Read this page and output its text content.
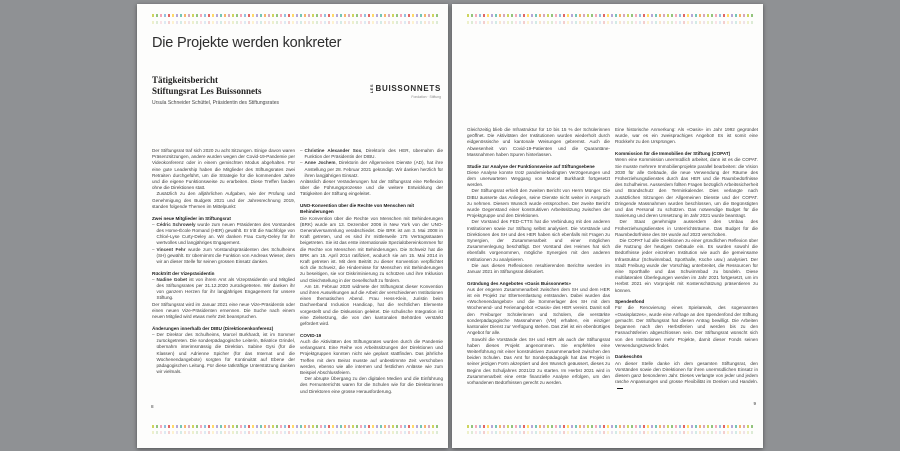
Die Projekte werden konkreter
Tätigkeitsbericht
Stiftungsrat Les Buissonnets
Ursula Schneider Schüttel, Präsidentin des Stiftungsrates
LES BUISSONNETS
Fondation · Stiftung
Der Stiftungsrat traf sich 2020 zu acht Sitzungen. Einige davon waren Präsenzsitzungen, andere wurden wegen der Covid-19-Pandemie per Videokonferenz oder in einem gemischten Modus abgehalten. Für eine gute Leadership haben die Mitglieder des Stiftungsrates zwei Retraiten durchgeführt, um die Strategie für die kommenden Jahre und die eigene Funktionsweise zu erarbeiten. Diese Treffen fanden ohne die Direktionen statt.
Zusätzlich zu den alljährlichen Aufgaben, wie der Prüfung und Genehmigung des Budgets 2021 und der Jahresrechnung 2019, standen folgende Themen im Mittelpunkt:
Zwei neue Mitglieder im Stiftungsrat
– Cédric Schrowely wurde zum neuen Präsidenten des Vorstandes des Home-École Romand (HER) gewählt. Er tritt die Nachfolge von Chloé-Lyse Curty-Deley an. Wir danken Frau Curty-Deley für ihr wertvolles und langjähriges Engagement.
– Vincent Fehr wurde zum Vorstandspräsidenten des Schulheims (SH) gewählt. Er übernimmt die Funktion von Andreas Wieser, dem wir an dieser Stelle für seinen grossen Einsatz danken.
Rücktritt der Vizepräsidentin
– Nadine Gobet ist von ihrem Amt als Vizepräsidentin und Mitglied des Stiftungsrates per 31.12.2020 zurückgetreten. Wir danken ihr von ganzem Herzen für ihr langjähriges Engagement für unsere Stiftung.
Der Stiftungsrat wird im Januar 2021 eine neue Vize-Präsidentin oder einen neuen Vize-Präsidenten ernennen. Die Suche nach einem neuen Mitglied wird etwas mehr Zeit beanspruchen.
Änderungen innerhalb der DIBU (Direktionenkonferenz)
– Der Direktor des Schulheims, Marcel Burkhardt, ist im Sommer zurückgetreten. Die sonderpädagogische Leiterin, Béatrice Grindel, übernahm interimsmässig die Direktion. Sabine Gysi (für die Klassen) und Adrienne Spicher (für das Internat und die Wochenendangebote) sorgten für Kontinuität auf Ebene der pädagogischen Leitung. Für diese tatkräftige Unterstützung danken wir vielmals.
– Christine Alexander Sox, Direktorin des HER, übernahm die Funktion der Präsidentin der DIBU.
– Anne Jochem, Direktorin der Allgemeinen Dienste (AD), hat ihre Anstellung per 28. Februar 2021 gekündigt. Wir danken herzlich für ihren langjährigen Einsatz.
Anlässlich dieser Veränderungen hat der Stiftungsrat eine Reflexion über die Führungsprozesse und die weitere Entwicklung der Tätigkeiten der Stiftung eingeleitet.
UNO-Konvention über die Rechte von Menschen mit Behinderungen
Die Konvention über die Rechte von Menschen mit Behinderungen (BRK) wurde am 13. Dezember 2006 in New York von der UNO-Generalversammlung verabschiedet. Die BRK ist am 3. Mai 2008 in Kraft getreten, und es sind ihr mittlerweile 175 Vertragsstaaten beigetreten. Sie ist das erste internationale Spezialübereinkommen für die Rechte von Menschen mit Behinderungen. Die Schweiz hat die BRK am 15. April 2014 ratifiziert, wodurch sie am 15. Mai 2014 in Kraft getreten ist. Mit dem Beitritt zu dieser Konvention verpflichtet sich die Schweiz, die Hindernisse für Menschen mit Behinderungen zu beseitigen, sie vor Diskriminierung zu schützen und ihre Inklusion und Gleichstellung in der Gesellschaft zu fördern.
Am 18. Februar 2020 widmete der Stiftungsrat dieser Konvention und ihren Auswirkungen auf die Arbeit der verschiedenen Institutionen einen thematischen Abend. Frau Hess-Klein, Juristin beim Dachverband Inclusion Handicap, hat die rechtlichen Elemente vorgestellt und die Diskussion geleitet. Die schulische Integration ist eine Zielsetzung, die von den kantonalen Behörden verstärkt gefördert wird.
COVID-19
Auch die Aktivitäten des Stiftungsrates wurden durch die Pandemie verlangsamt. Eine Reihe von Arbeitssitzungen der Direktionen und Projektgruppen konnten nicht wie geplant stattfinden. Das jährliche Treffen mit dem Beirat musste auf unbestimmte Zeit verschoben werden, ebenso wie alle internen und festlichen Anlässe wie zum Beispiel Abschlussfeiern.
Der abrupte Übergang zu den digitalen Medien und die Einführung des Fernunterrichts waren für die Schulen wie für die Direktorinnen und Direktoren eine grosse Herausforderung.
8
Gleichzeitig blieb die Infrastruktur für 10 bis 15 % der Schülerinnen geöffnet. Die Aktivitäten der Institutionen wurden wiederholt durch eidgenössische und kantonale Weisungen gebremst. Auch die Abwesenheit von Covid-19-Patienten und die Quarantäne-Massnahmen haben Spuren hinterlassen.
Studie zur Analyse der Funktionsweise auf Stiftungsebene
Diese Analyse konnte trotz pandemiebedingten Verzögerungen und dem unerwarteten Weggang von Marcel Burkhardt fortgesetzt werden.
Der Stiftungsrat erhielt den zweiten Bericht von Herrn Münger. Die DIBU äusserte das Anliegen, seine Dienste nicht weiter in Anspruch zu nehmen. Diesem Wunsch wurde entsprochen. Der zweite Bericht wurde Gegenstand einer konstruktiven Arbeitssitzung zwischen der Projektgruppe und den Direktionen.
Der Vorstand des FED-CTTS hat die Verbindung mit den anderen Institutionen sowie zur Stiftung selbst analysiert. Die Vorstände und Direktionen des SH und des HER haben sich ebenfalls mit Fragen zu Synergien, der Zusammenarbeit und einer möglichen Zusammenlegung beschäftigt. Der Vorstand des Heimes hat sich ebenfalls vorgenommen, mögliche Synergien mit den anderen Institutionen zu analysieren.
Die aus diesen Reflexionen resultierenden Berichte werden im Januar 2021 im Stiftungsrat diskutiert.
Gründung des Angebotes «Oasis Buissonnets»
Aus der engeren Zusammenarbeit zwischen dem SH und dem HER ist ein Projekt zur Elternentlastung entstanden. Dabei wurden das «Wochenendangebot» und die Sommerlager des SH mit dem Wochenend- und Ferienangebot «Oasis» des HER vereint. Damit soll den Freiburger Schülerinnen und Schülern, die verstärkte sonderpädagogische Massnahmen (VM) erhalten, ein einziger kantonaler Dienst zur Verfügung stehen. Das Ziel ist ein ebenbürtiges Angebot für alle.
Sowohl die Vorstände des SH und HER als auch der Stiftungsrat haben dieses Projekt angenommen. Sie empfehlen eine Weiterführung mit einer konstruktiven Zusammenarbeit zwischen den beiden Schulen. Das Amt für Sonderpädagogik hat das Projekt in seiner jetzigen Form akzeptiert und den Wunsch geäussert, dieses zu Beginn des Schuljahres 2021/22 zu starten. Im Herbst 2021 wird in Zusammenarbeit eine erste finanzielle Analyse erfolgen, um den vorhandenen Bedürfnissen gerecht zu werden.
Eine historische Anmerkung: Als «Oasis» im Jahr 1992 gegründet wurde, war es ein zweisprachiges Angebot! Es ist somit eine Rückkehr zu den Ursprüngen.
Kommission für die Immobilien der Stiftung (COPAT)
Wenn eine Kommission unermüdlich arbeitet, dann ist es die COPAT. Sie musste mehrere Immobilienprojekte parallel bearbeiten: die Vision 2030 für alle Gebäude, die neue Verwendung der Räume des Früherziehungsdienstes durch das HER und die Raumbedürfnisse des Schulheims. Ausserdem füllten Fragen bezüglich Arbeitssicherheit und Brandschutz den Terminkalender. Dies verlangte nach zusätzlichen Sitzungen der Allgemeinen Dienste und der COPAT. Dringende Massnahmen wurden beschlossen, um die Begünstigten und das Personal zu schützen. Das notwendige Budget für die Sanierung und deren Umsetzung im Jahr 2021 wurde beantragt.
Der Staat genehmigte ausserdem den Umbau des Früherziehungsdienstes in Unterrichtsräume. Das Budget für die Raumbedürfnisse des SH wurde auf 2023 verschoben.
Die COPAT lud alle Direktionen zu einer gründlichen Reflexion über die Nutzung der heutigen Gebäude ein. Es wurden sowohl die Bedürfnisse jeder einzelnen Institution wie auch die gemeinsame Infrastruktur (Schwimmbad, Sporthalle, Küche usw.) analysiert. Der Stadt Freiburg wurde der Vorschlag unterbreitet, die Ressourcen für eine Sporthalle und das Schwimmbad zu bündeln. Diese multilateralen Überlegungen werden im Jahr 2021 fortgesetzt, um im Herbst 2021 ein Vorprojekt mit Kostenschätzung präsentieren zu können.
Spendenfond
Für die Renovierung eines Spielareals, des sogenannten «Oasisplatzes», wurde eine Anfrage an den Spendenfond der Stiftung gemacht. Der Stiftungsrat hat diesen Antrag bewilligt. Die Arbeiten begannen nach den Herbstferien und werden bis zu den Fasnachtsferien abgeschlossen sein. Der Stiftungsrat wünscht sich von den Institutionen mehr Projekte, damit dieser Fonds seinen Verwendungszweck findet.
Dankeschön
An dieser Stelle danke ich dem gesamten Stiftungsrat, den Vorständen sowie den Direktionen für ihren unermüdlichen Einsatz in diesem ganz besonderen Jahr. Dieses verlangte von jeder und jedem rasche Anpassungen und grosse Flexibilität im Denken und Handeln.
9
